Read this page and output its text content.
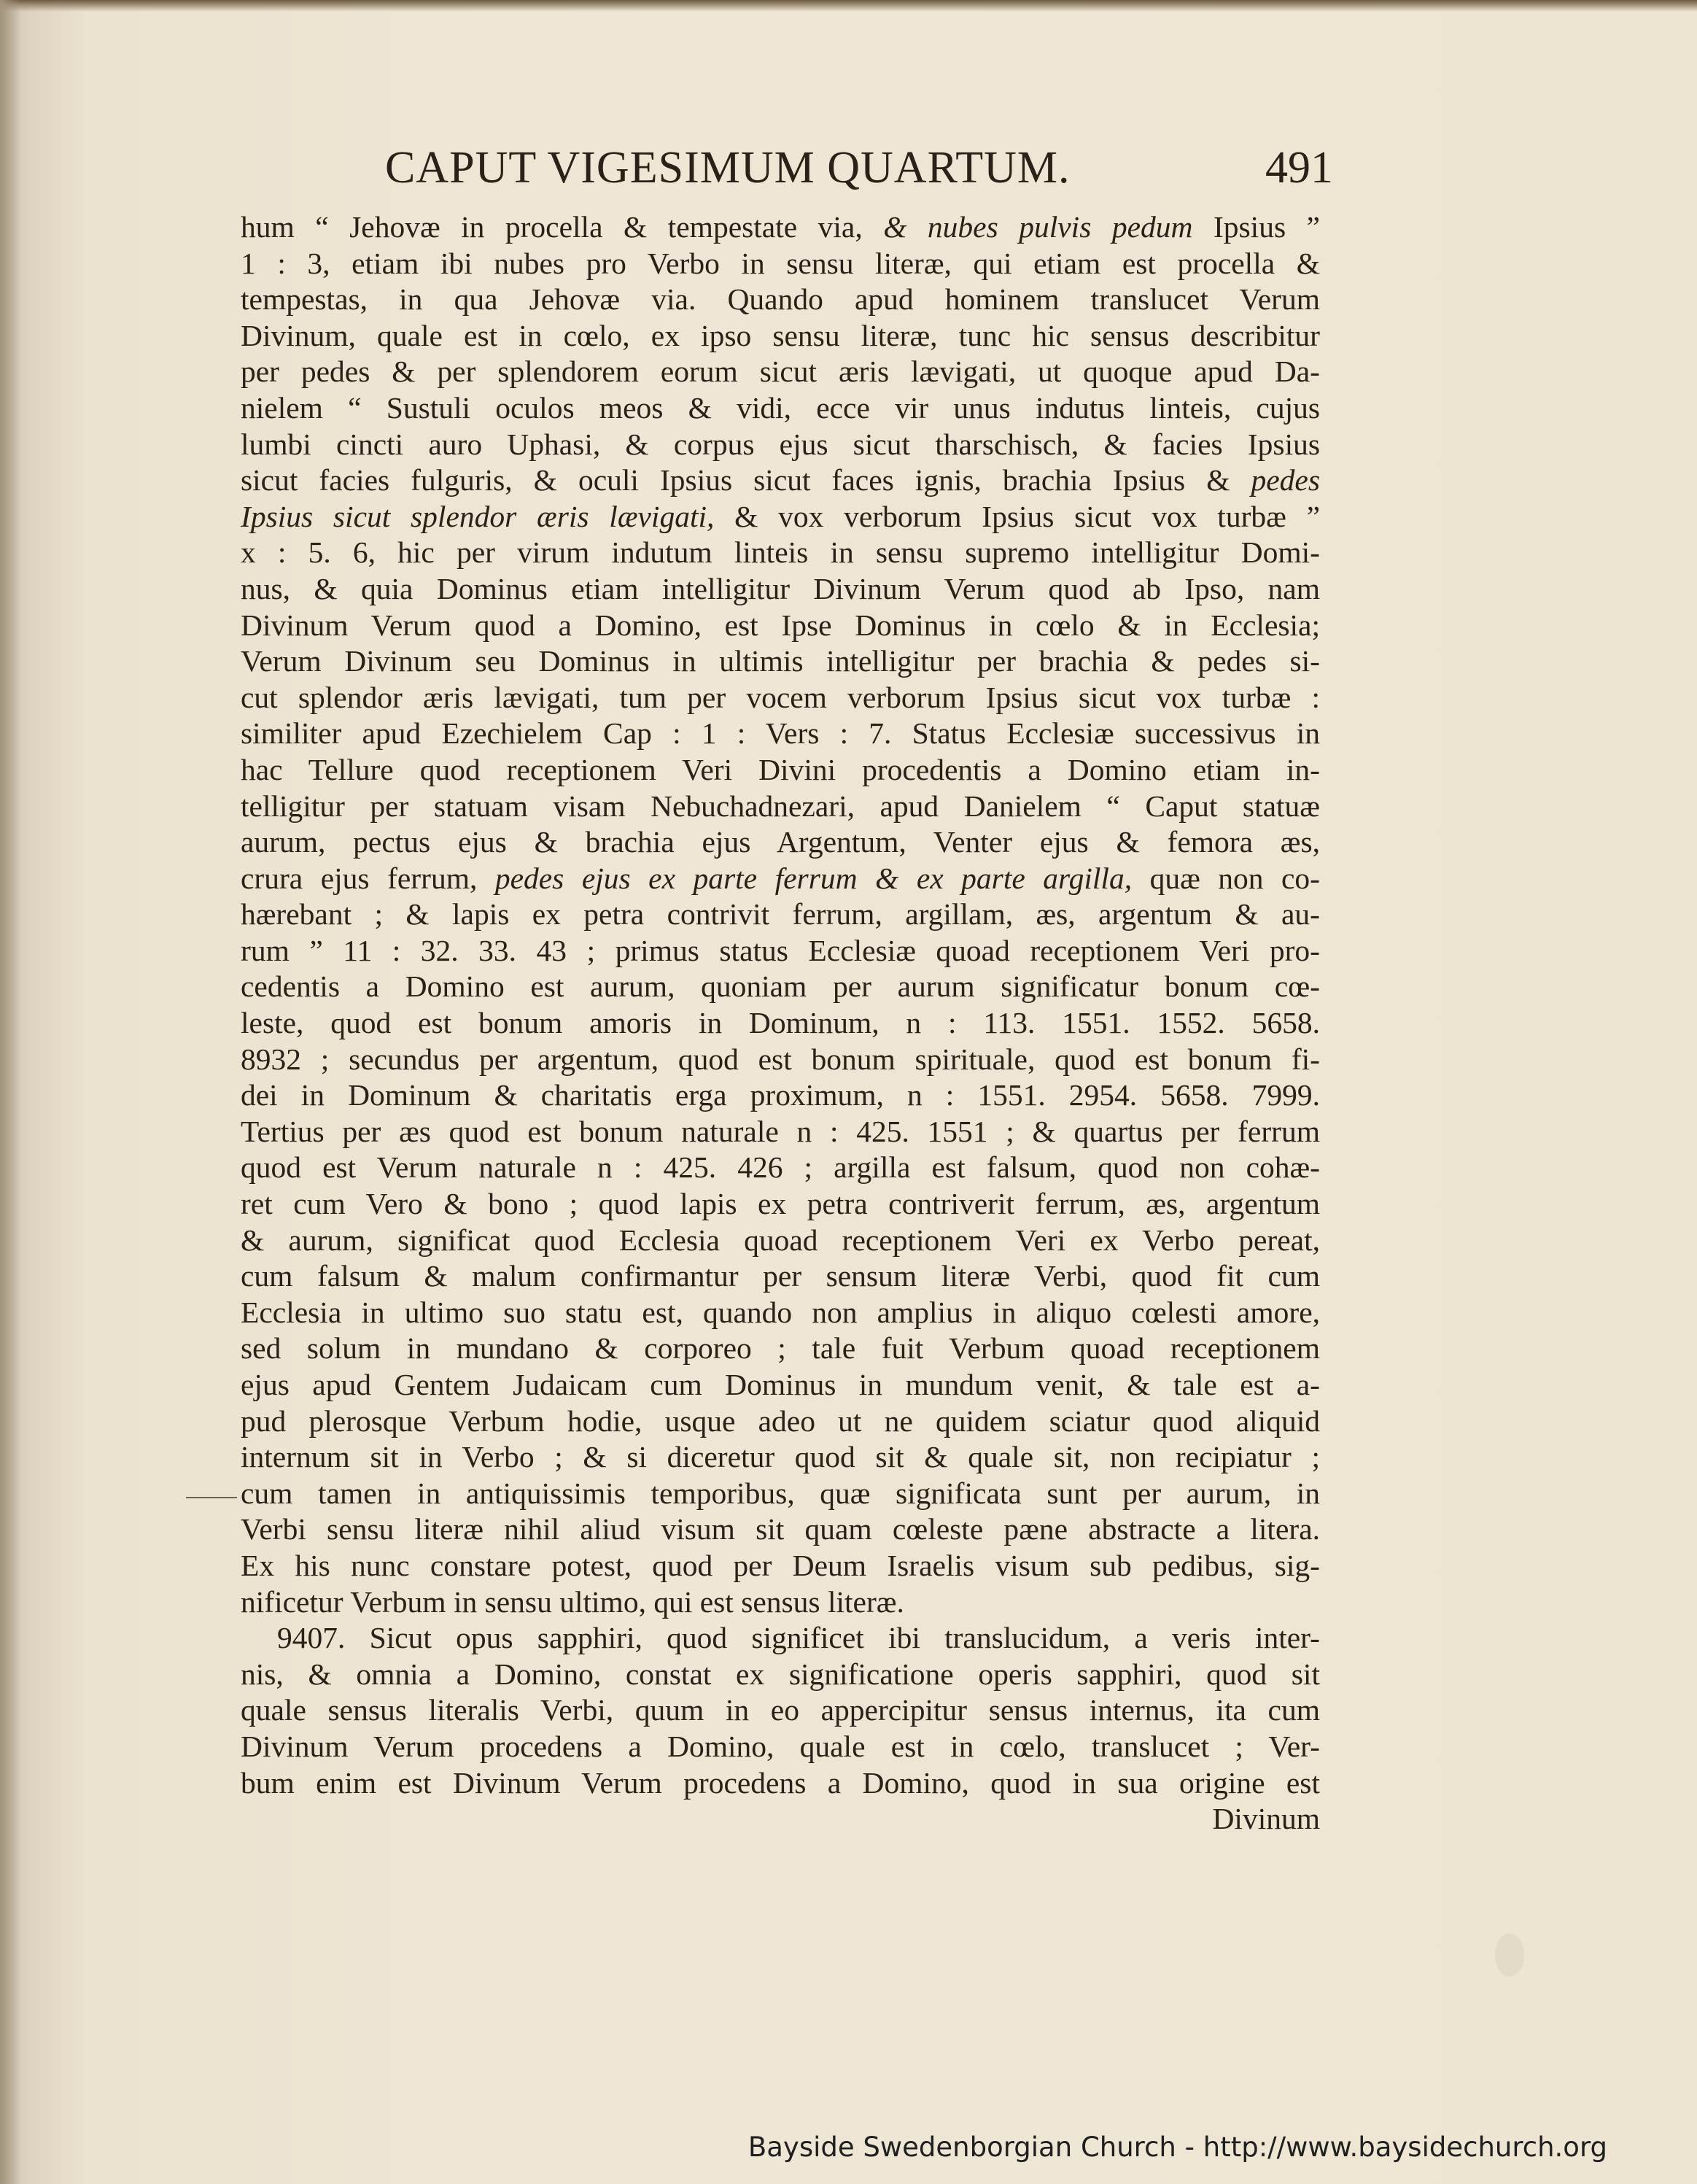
CAPUT VIGESIMUM QUARTUM.	491
hum “ Jehovæ in procella & tempestate via, & nubes pulvis pedum Ipsius ”
1 : 3, etiam ibi nubes pro Verbo in sensu literæ, qui etiam est procella &
tempestas, in qua Jehovæ via. Quando apud hominem translucet Verum
Divinum, quale est in cœlo, ex ipso sensu literæ, tunc hic sensus describitur
per pedes & per splendorem eorum sicut æris lævigati, ut quoque apud Da-
nielem “ Sustuli oculos meos & vidi, ecce vir unus indutus linteis, cujus
lumbi cincti auro Uphasi, & corpus ejus sicut tharschisch, & facies Ipsius
sicut facies fulguris, & oculi Ipsius sicut faces ignis, brachia Ipsius & pedes
Ipsius sicut splendor æris lævigati, & vox verborum Ipsius sicut vox turbæ ”
x : 5. 6, hic per virum indutum linteis in sensu supremo intelligitur Domi-
nus, & quia Dominus etiam intelligitur Divinum Verum quod ab Ipso, nam
Divinum Verum quod a Domino, est Ipse Dominus in cœlo & in Ecclesia;
Verum Divinum seu Dominus in ultimis intelligitur per brachia & pedes si-
cut splendor æris lævigati, tum per vocem verborum Ipsius sicut vox turbæ :
similiter apud Ezechielem Cap : 1 : Vers : 7. Status Ecclesiæ successivus in
hac Tellure quod receptionem Veri Divini procedentis a Domino etiam in-
telligitur per statuam visam Nebuchadnezari, apud Danielem “ Caput statuæ
aurum, pectus ejus & brachia ejus Argentum, Venter ejus & femora æs,
crura ejus ferrum, pedes ejus ex parte ferrum & ex parte argilla, quæ non co-
hærebant ; & lapis ex petra contrivit ferrum, argillam, æs, argentum & au-
rum ” 11 : 32. 33. 43 ; primus status Ecclesiæ quoad receptionem Veri pro-
cedentis a Domino est aurum, quoniam per aurum significatur bonum cœ-
leste, quod est bonum amoris in Dominum, n : 113. 1551. 1552. 5658.
8932 ; secundus per argentum, quod est bonum spirituale, quod est bonum fi-
dei in Dominum & charitatis erga proximum, n : 1551. 2954. 5658. 7999.
Tertius per æs quod est bonum naturale n : 425. 1551 ; & quartus per ferrum
quod est Verum naturale n : 425. 426 ; argilla est falsum, quod non cohæ-
ret cum Vero & bono ; quod lapis ex petra contriverit ferrum, æs, argentum
& aurum, significat quod Ecclesia quoad receptionem Veri ex Verbo pereat,
cum falsum & malum confirmantur per sensum literæ Verbi, quod fit cum
Ecclesia in ultimo suo statu est, quando non amplius in aliquo cœlesti amore,
sed solum in mundano & corporeo ; tale fuit Verbum quoad receptionem
ejus apud Gentem Judaicam cum Dominus in mundum venit, & tale est a-
pud plerosque Verbum hodie, usque adeo ut ne quidem sciatur quod aliquid
internum sit in Verbo ; & si diceretur quod sit & quale sit, non recipiatur ;
cum tamen in antiquissimis temporibus, quæ significata sunt per aurum, in
Verbi sensu literæ nihil aliud visum sit quam cœleste pæne abstracte a litera.
Ex his nunc constare potest, quod per Deum Israelis visum sub pedibus, sig-
nificetur Verbum in sensu ultimo, qui est sensus literæ.
9407. Sicut opus sapphiri, quod significet ibi translucidum, a veris inter-
nis, & omnia a Domino, constat ex significatione operis sapphiri, quod sit
quale sensus literalis Verbi, quum in eo appercipitur sensus internus, ita cum
Divinum Verum procedens a Domino, quale est in cœlo, translucet ; Ver-
bum enim est Divinum Verum procedens a Domino, quod in sua origine est
Divinum
Bayside Swedenborgian Church - http://www.baysidechurch.org
